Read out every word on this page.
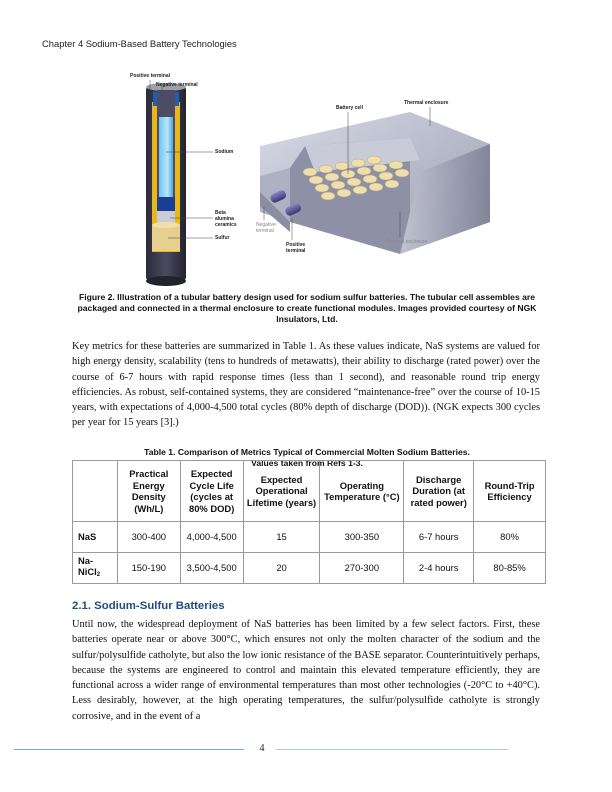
Chapter 4 Sodium-Based Battery Technologies
Positive terminal
Negative terminal
Sodium
Beta
alumina
ceramics
Sulfur
Battery cell
Thermal enclosure
Negative
terminal
Positive
terminal
Thermal enclosure
Figure 2. Illustration of a tubular battery design used for sodium sulfur batteries. The tubular cell assembles are packaged and connected in a thermal enclosure to create functional modules. Images provided courtesy of NGK Insulators, Ltd.
Key metrics for these batteries are summarized in Table 1. As these values indicate, NaS systems are valued for high energy density, scalability (tens to hundreds of metawatts), their ability to discharge (rated power) over the course of 6-7 hours with rapid response times (less than 1 second), and reasonable round trip energy efficiencies. As robust, self-contained systems, they are considered “maintenance-free” over the course of 10-15 years, with expectations of 4,000-4,500 total cycles (80% depth of discharge (DOD)). (NGK expects 300 cycles per year for 15 years [3].)
Table 1. Comparison of Metrics Typical of Commercial Molten Sodium Batteries.
Values taken from Refs 1-3.
	Practical Energy Density (Wh/L)	Expected Cycle Life (cycles at 80% DOD)	Expected Operational Lifetime (years)	Operating Temperature (°C)	Discharge Duration (at rated power)	Round-Trip Efficiency
NaS	300-400	4,000-4,500	15	300-350	6-7 hours	80%
Na-NiCl$_2$	150-190	3,500-4,500	20	270-300	2-4 hours	80-85%
2.1. Sodium-Sulfur Batteries
Until now, the widespread deployment of NaS batteries has been limited by a few select factors. First, these batteries operate near or above 300°C, which ensures not only the molten character of the sodium and the sulfur/polysulfide catholyte, but also the low ionic resistance of the BASE separator. Counterintuitively perhaps, because the systems are engineered to control and maintain this elevated temperature efficiently, they are functional across a wider range of environmental temperatures than most other technologies (-20°C to +40°C). Less desirably, however, at the high operating temperatures, the sulfur/polysulfide catholyte is strongly corrosive, and in the event of a
4
